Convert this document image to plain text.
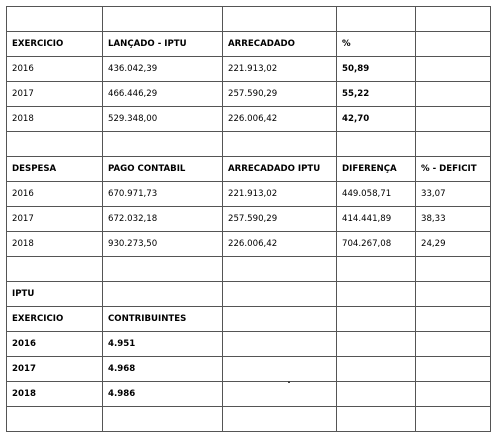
EXERCICIO	LANÇADO - IPTU	ARRECADADO	%	
2016	436.042,39	221.913,02	50,89	
2017	466.446,29	257.590,29	55,22	
2018	529.348,00	226.006,42	42,70	

DESPESA	PAGO CONTABIL	ARRECADADO IPTU	DIFERENÇA	% - DEFICIT
2016	670.971,73	221.913,02	449.058,71	33,07
2017	672.032,18	257.590,29	414.441,89	38,33
2018	930.273,50	226.006,42	704.267,08	24,29

IPTU				
EXERCICIO	CONTRIBUINTES			
2016	4.951			
2017	4.968			
2018	4.986			
